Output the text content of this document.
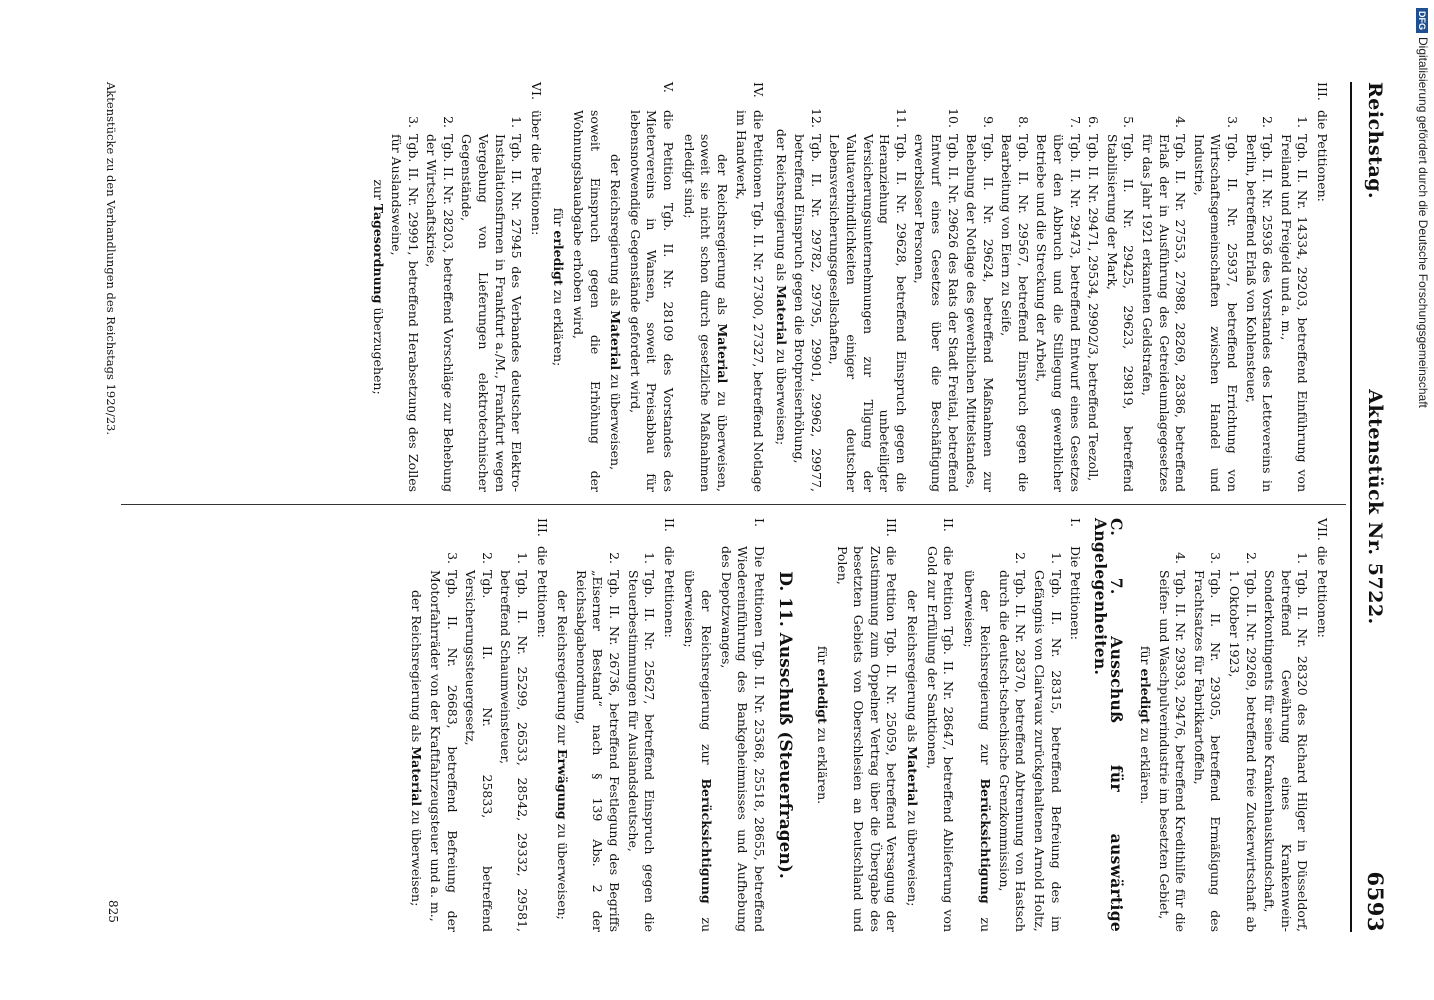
Reichstag.
Aktenstück Nr. 5722.
6593
III.
die Petitionen:
1.
Tgb. II. Nr. 14334, 29203, betreffend Einführung von Freiland und Freigeld und a. m.,
2.
Tgb. II. Nr. 25936 des Vorstandes des Lettevereins in Berlin, betreffend Erlaß von Kohlensteuer,
3.
Tgb. II. Nr. 25937, betreffend Errichtung von Wirtschaftsgemeinschaften zwischen Handel und Industrie,
4.
Tgb. II. Nr. 27553, 27988, 28269, 28386, betreffend Erlaß der in Ausführung des Getreideumlagegesetzes für das Jahr 1921 erkannten Geldstrafen,
5.
Tgb. II. Nr. 29425, 29623, 29819, betreffend Stabilisierung der Mark,
6.
Tgb. II. Nr. 29471, 29534, 29902/3, betreffend Teezoll,
7.
Tgb. II. Nr. 29473, betreffend Entwurf eines Gesetzes über den Abbruch und die Stillegung gewerblicher Betriebe und die Streckung der Arbeit,
8.
Tgb. II. Nr. 29567, betreffend Einspruch gegen die Bearbeitung von Eiern zu Seife,
9.
Tgb. II. Nr. 29624, betreffend Maßnahmen zur Behebung der Notlage des gewerblichen Mittelstandes,
10.
Tgb. II. Nr. 29626 des Rats der Stadt Freital, betreffend Entwurf eines Gesetzes über die Beschäftigung erwerbsloser Personen,
11.
Tgb. II. Nr. 29628, betreffend Einspruch gegen die Heranziehung unbeteiligter Versicherungsunternehmungen zur Tilgung der Valutaverbindlichkeiten einiger deutscher Lebensversicherungsgesellschaften,
12.
Tgb. II. Nr. 29782, 29795, 29901, 29962, 29977, betreffend Einspruch gegen die Brotpreiserhöhung,
der Reichsregierung als Material zu überweisen;
IV.
die Petitionen Tgb. II. Nr. 27300, 27327, betreffend Notlage im Handwerk,
der Reichsregierung als Material zu überweisen, soweit sie nicht schon durch gesetzliche Maßnahmen erledigt sind;
V.
die Petition Tgb. II. Nr. 28109 des Vorstandes des Mietervereins in Wansen, soweit Preisabbau für lebensnotwendige Gegenstände gefordert wird,
der Reichsregierung als Material zu überweisen,
soweit Einspruch gegen die Erhöhung der Wohnungsbauabgabe erhoben wird,
für erledigt zu erklären;
VI.
über die Petitionen:
1.
Tgb. II. Nr. 27945 des Verbandes deutscher Elektro-Installationsfirmen in Frankfurt a./M., Frankfurt wegen Vergebung von Lieferungen elektrotechnischer Gegenstände,
2.
Tgb. II. Nr. 28203, betreffend Vorschläge zur Behebung der Wirtschaftskrise,
3.
Tgb. II. Nr. 29991, betreffend Herabsetzung des Zolles für Auslandsweine,
zur Tagesordnung überzugehen;
VII.
die Petitionen:
1.
Tgb. II. Nr. 28320 des Richard Hilger in Düsseldorf, betreffend Gewährung eines Krankenwein-Sonderkontingents für seine Krankenhauskundschaft,
2.
Tgb. II. Nr. 29269, betreffend freie Zuckerwirtschaft ab 1. Oktober 1923,
3.
Tgb. II. Nr. 29305, betreffend Ermäßigung des Frachtsatzes für Fabrikkartoffeln,
4.
Tgb. II. Nr. 29393, 29476, betreffend Kredithilfe für die Seifen- und Waschpulverindustrie im besetzten Gebiet,
für erledigt zu erklären.
C. 7. Ausschuß für auswärtige Angelegenheiten.
I.
Die Petitionen:
1.
Tgb. II. Nr. 28315, betreffend Befreiung des im Gefängnis von Clairvaux zurückgehaltenen Arnold Holtz,
2.
Tgb. II. Nr. 28370, betreffend Abtrennung von Hastsch durch die deutsch-tschechische Grenzkommission,
der Reichsregierung zur Berücksichtigung zu überweisen;
II.
die Petition Tgb. II. Nr. 28647, betreffend Ablieferung von Gold zur Erfüllung der Sanktionen,
der Reichsregierung als Material zu überweisen;
III.
die Petition Tgb. II. Nr. 25059, betreffend Versagung der Zustimmung zum Oppelner Vertrag über die Übergabe des besetzten Gebiets von Oberschlesien an Deutschland und Polen,
für erledigt zu erklären.
D. 11. Ausschuß (Steuerfragen).
I.
Die Petitionen Tgb. II. Nr. 25368, 25518, 28655, betreffend Wiedereinführung des Bankgeheimnisses und Aufhebung des Depotzwanges,
der Reichsregierung zur Berücksichtigung zu überweisen;
II.
die Petitionen:
1.
Tgb. II. Nr. 25627, betreffend Einspruch gegen die Steuerbestimmungen für Auslandsdeutsche,
2.
Tgb. II. Nr. 26736, betreffend Festlegung des Begriffs „Eiserner Bestand“ nach § 139 Abs. 2 der Reichsabgabenordnung,
der Reichsregierung zur Erwägung zu überweisen;
III.
die Petitionen:
1.
Tgb. II. Nr. 25299, 26533, 28542, 29332, 29581, betreffend Schaumweinsteuer,
2.
Tgb. II. Nr. 25833, betreffend Versicherungssteuergesetz,
3.
Tgb. II. Nr. 26683, betreffend Befreiung der Motorfahrräder von der Kraftfahrzeugsteuer und a. m.,
der Reichsregierung als Material zu überweisen;
Aktenstücke zu den Verhandlungen des Reichstags 1920/23.
825
DFGDigitalisierung gefördert durch die Deutsche Forschungsgemeinschaft
